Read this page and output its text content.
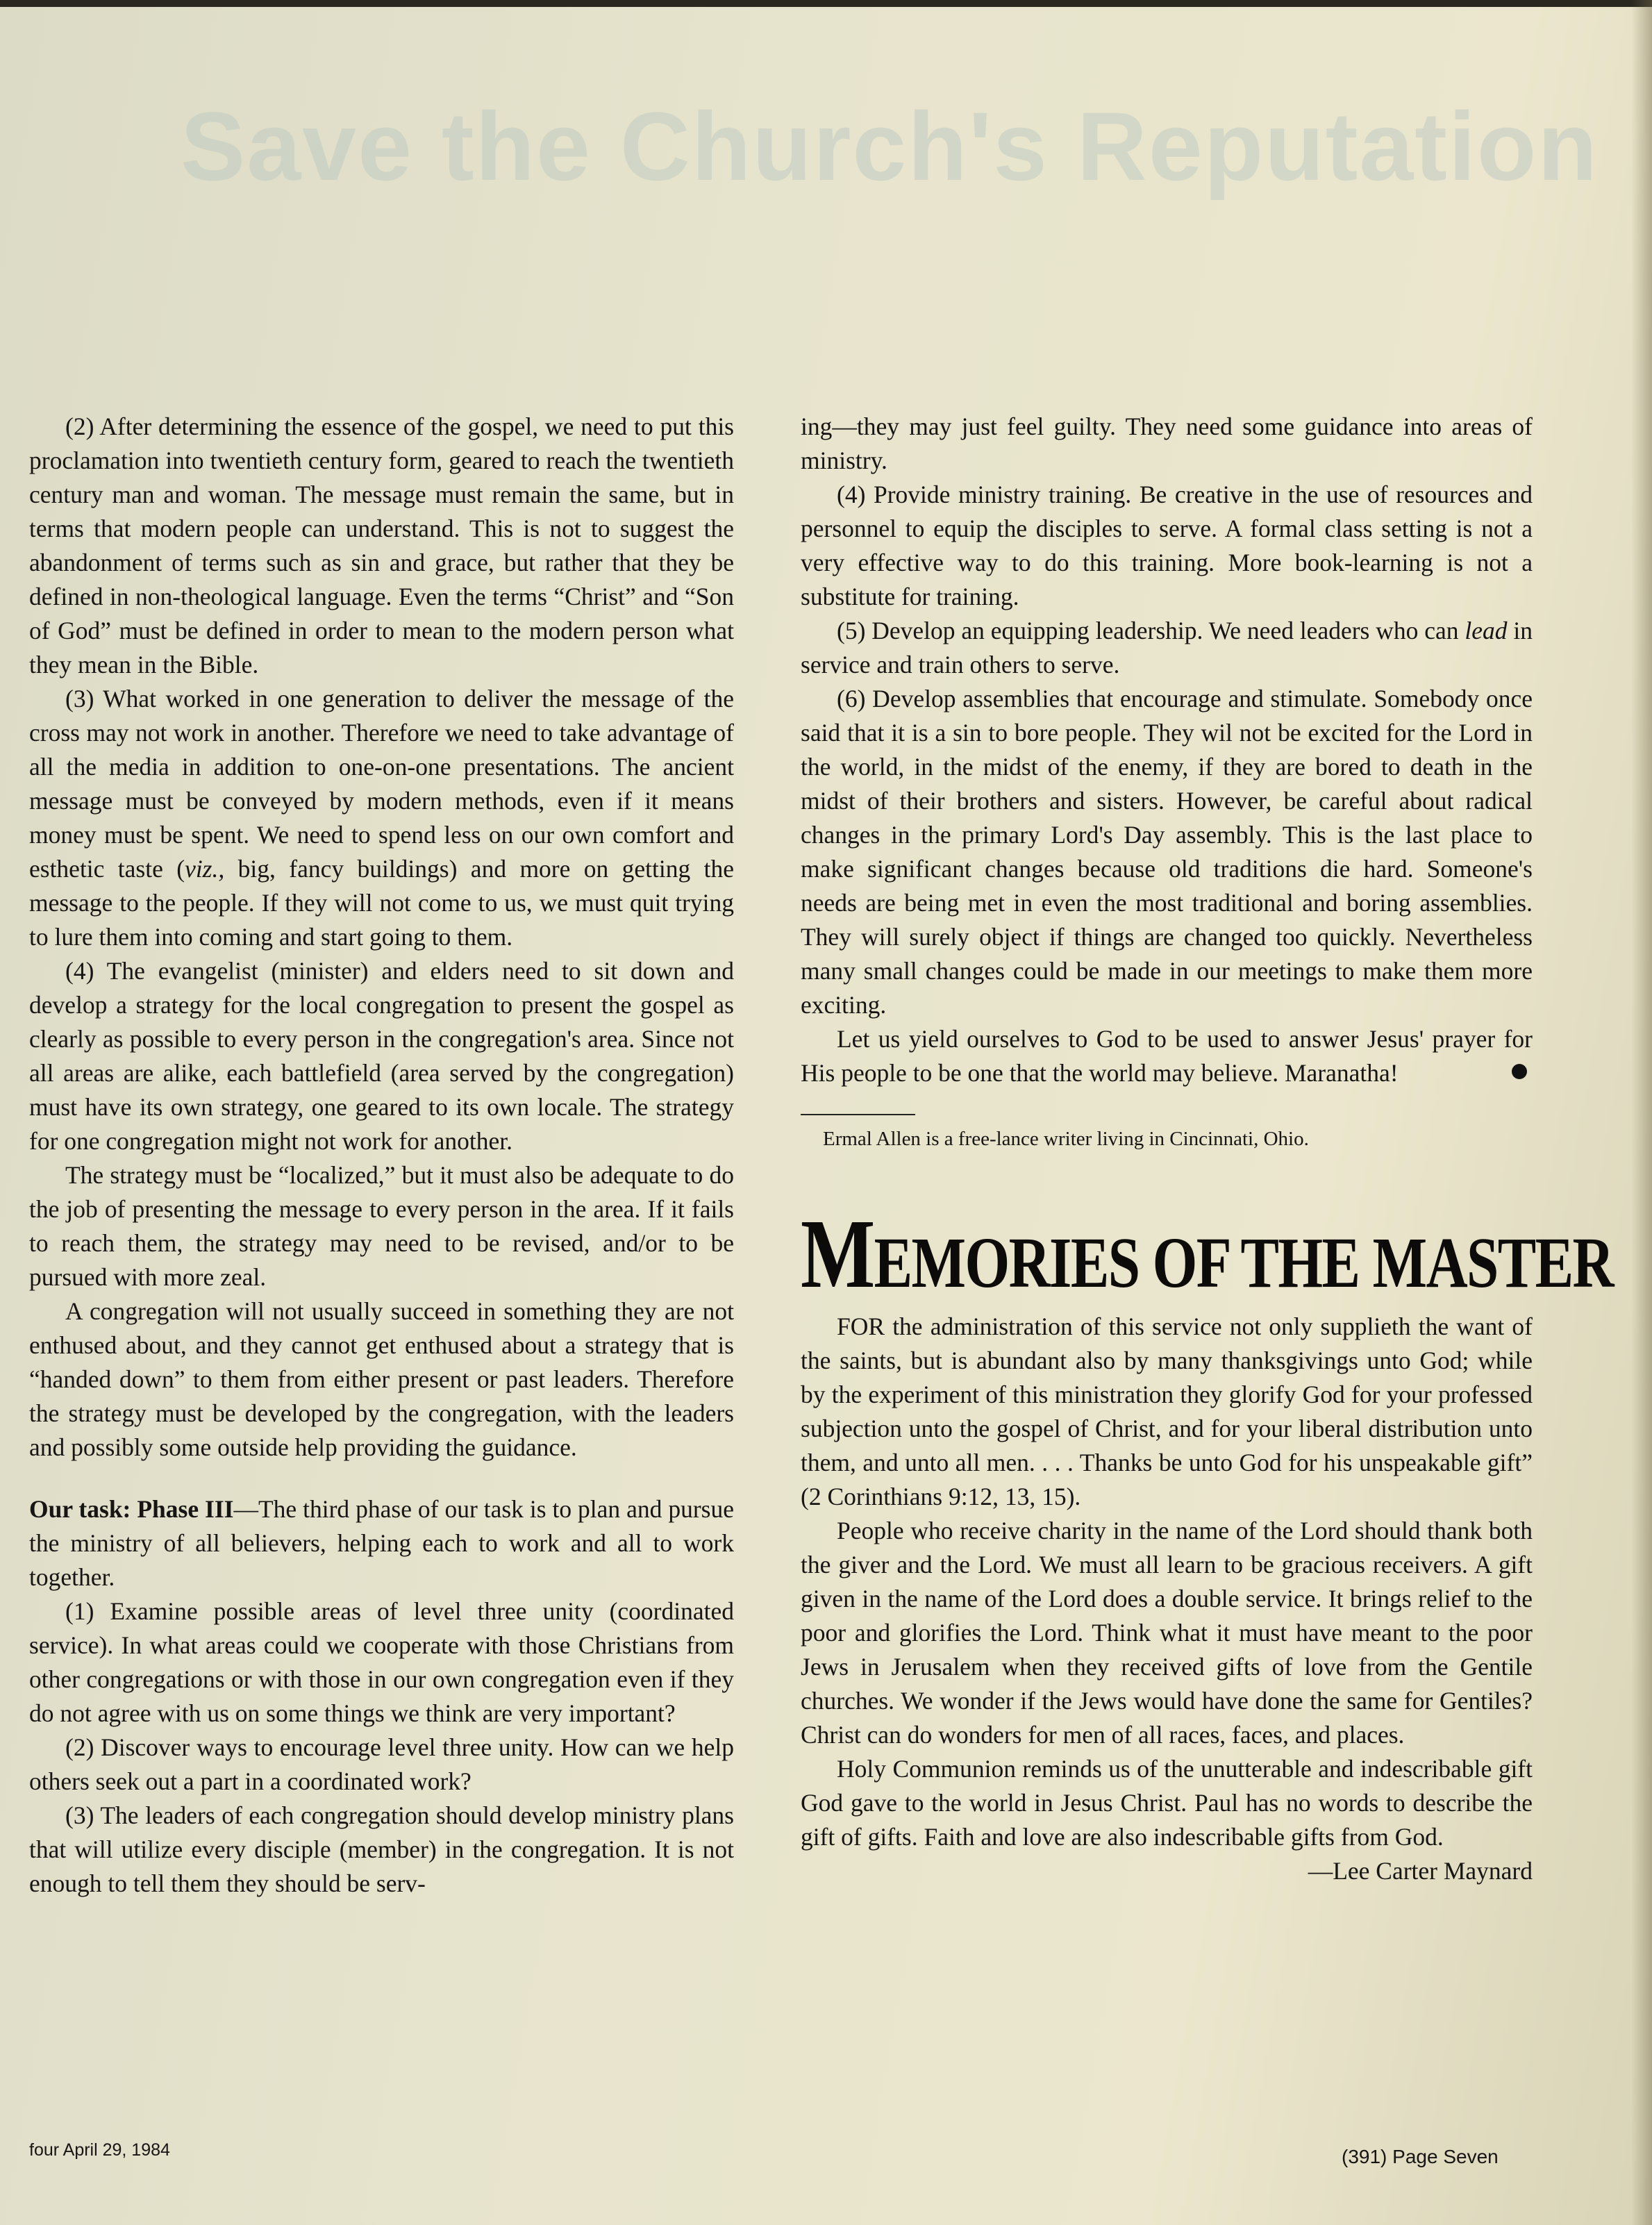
Save the Church's Reputation

(2) After determining the essence of the gospel, we need to put this proclamation into twentieth century form, geared to reach the twentieth century man and woman. The message must remain the same, but in terms that modern people can understand. This is not to suggest the abandonment of terms such as sin and grace, but rather that they be defined in non-theological language. Even the terms “Christ” and “Son of God” must be defined in order to mean to the modern person what they mean in the Bible.

(3) What worked in one generation to deliver the message of the cross may not work in another. Therefore we need to take advantage of all the media in addition to one-on-one presentations. The ancient message must be conveyed by modern methods, even if it means money must be spent. We need to spend less on our own comfort and esthetic taste (viz., big, fancy buildings) and more on getting the message to the people. If they will not come to us, we must quit trying to lure them into coming and start going to them.

(4) The evangelist (minister) and elders need to sit down and develop a strategy for the local congregation to present the gospel as clearly as possible to every person in the congregation's area. Since not all areas are alike, each battlefield (area served by the congregation) must have its own strategy, one geared to its own locale. The strategy for one congregation might not work for another.

The strategy must be “localized,” but it must also be adequate to do the job of presenting the message to every person in the area. If it fails to reach them, the strategy may need to be revised, and/or to be pursued with more zeal.

A congregation will not usually succeed in something they are not enthused about, and they cannot get enthused about a strategy that is “handed down” to them from either present or past leaders. Therefore the strategy must be developed by the congregation, with the leaders and possibly some outside help providing the guidance.

Our task: Phase III—The third phase of our task is to plan and pursue the ministry of all believers, helping each to work and all to work together.

(1) Examine possible areas of level three unity (coordinated service). In what areas could we cooperate with those Christians from other congregations or with those in our own congregation even if they do not agree with us on some things we think are very important?

(2) Discover ways to encourage level three unity. How can we help others seek out a part in a coordinated work?

(3) The leaders of each congregation should develop ministry plans that will utilize every disciple (member) in the congregation. It is not enough to tell them they should be serv-

ing—they may just feel guilty. They need some guidance into areas of ministry.

(4) Provide ministry training. Be creative in the use of resources and personnel to equip the disciples to serve. A formal class setting is not a very effective way to do this training. More book-learning is not a substitute for training.

(5) Develop an equipping leadership. We need leaders who can lead in service and train others to serve.

(6) Develop assemblies that encourage and stimulate. Somebody once said that it is a sin to bore people. They wil not be excited for the Lord in the world, in the midst of the enemy, if they are bored to death in the midst of their brothers and sisters. However, be careful about radical changes in the primary Lord's Day assembly. This is the last place to make significant changes because old traditions die hard. Someone's needs are being met in even the most traditional and boring assemblies. They will surely object if things are changed too quickly. Nevertheless many small changes could be made in our meetings to make them more exciting.

Let us yield ourselves to God to be used to answer Jesus' prayer for His people to be one that the world may believe. Maranatha!

Ermal Allen is a free-lance writer living in Cincinnati, Ohio.

MEMORIES OF THE MASTER

FOR the administration of this service not only supplieth the want of the saints, but is abundant also by many thanksgivings unto God; while by the experiment of this ministration they glorify God for your professed subjection unto the gospel of Christ, and for your liberal distribution unto them, and unto all men. . . . Thanks be unto God for his unspeakable gift” (2 Corinthians 9:12, 13, 15).

People who receive charity in the name of the Lord should thank both the giver and the Lord. We must all learn to be gracious receivers. A gift given in the name of the Lord does a double service. It brings relief to the poor and glorifies the Lord. Think what it must have meant to the poor Jews in Jerusalem when they received gifts of love from the Gentile churches. We wonder if the Jews would have done the same for Gentiles? Christ can do wonders for men of all races, faces, and places.

Holy Communion reminds us of the unutterable and indescribable gift God gave to the world in Jesus Christ. Paul has no words to describe the gift of gifts. Faith and love are also indescribable gifts from God.
—Lee Carter Maynard

four April 29, 1984	(391) Page Seven
